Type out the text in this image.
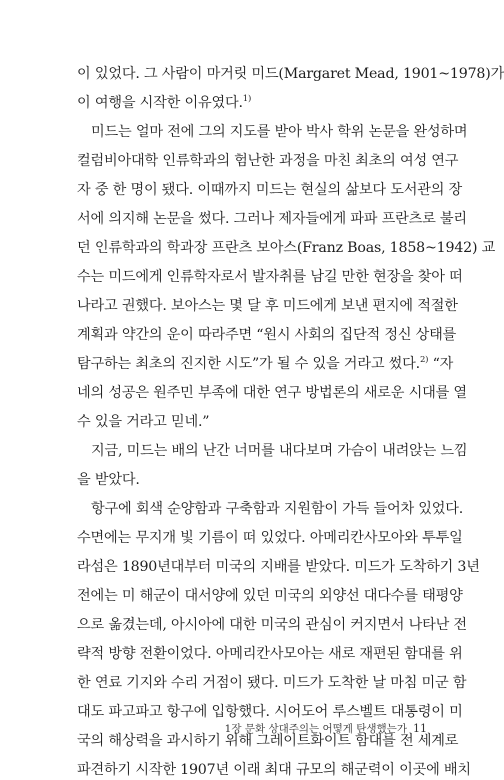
이 있었다. 그 사람이 마거릿 미드(Margaret Mead, 1901~1978)가
이 여행을 시작한 이유였다.$^{1)}$
미드는 얼마 전에 그의 지도를 받아 박사 학위 논문을 완성하며
컬럼비아대학 인류학과의 험난한 과정을 마친 최초의 여성 연구
자 중 한 명이 됐다. 이때까지 미드는 현실의 삶보다 도서관의 장
서에 의지해 논문을 썼다. 그러나 제자들에게 파파 프란츠로 불리
던 인류학과의 학과장 프란츠 보아스(Franz Boas, 1858~1942) 교
수는 미드에게 인류학자로서 발자취를 남길 만한 현장을 찾아 떠
나라고 권했다. 보아스는 몇 달 후 미드에게 보낸 편지에 적절한
계획과 약간의 운이 따라주면 “원시 사회의 집단적 정신 상태를
탐구하는 최초의 진지한 시도”가 될 수 있을 거라고 썼다.$^{2)}$ “자
네의 성공은 원주민 부족에 대한 연구 방법론의 새로운 시대를 열
수 있을 거라고 믿네.”
지금, 미드는 배의 난간 너머를 내다보며 가슴이 내려앉는 느낌
을 받았다.
항구에 회색 순양함과 구축함과 지원함이 가득 들어차 있었다.
수면에는 무지개 빛 기름이 떠 있었다. 아메리칸사모아와 투투일
라섬은 1890년대부터 미국의 지배를 받았다. 미드가 도착하기 3년
전에는 미 해군이 대서양에 있던 미국의 외양선 대다수를 태평양
으로 옮겼는데, 아시아에 대한 미국의 관심이 커지면서 나타난 전
략적 방향 전환이었다. 아메리칸사모아는 새로 재편된 함대를 위
한 연료 기지와 수리 거점이 됐다. 미드가 도착한 날 마침 미군 함
대도 파고파고 항구에 입항했다. 시어도어 루스벨트 대통령이 미
국의 해상력을 과시하기 위해 그레이트화이트 함대를 전 세계로
파견하기 시작한 1907년 이래 최대 규모의 해군력이 이곳에 배치
1장 문화 상대주의는 어떻게 탄생했는가 11
